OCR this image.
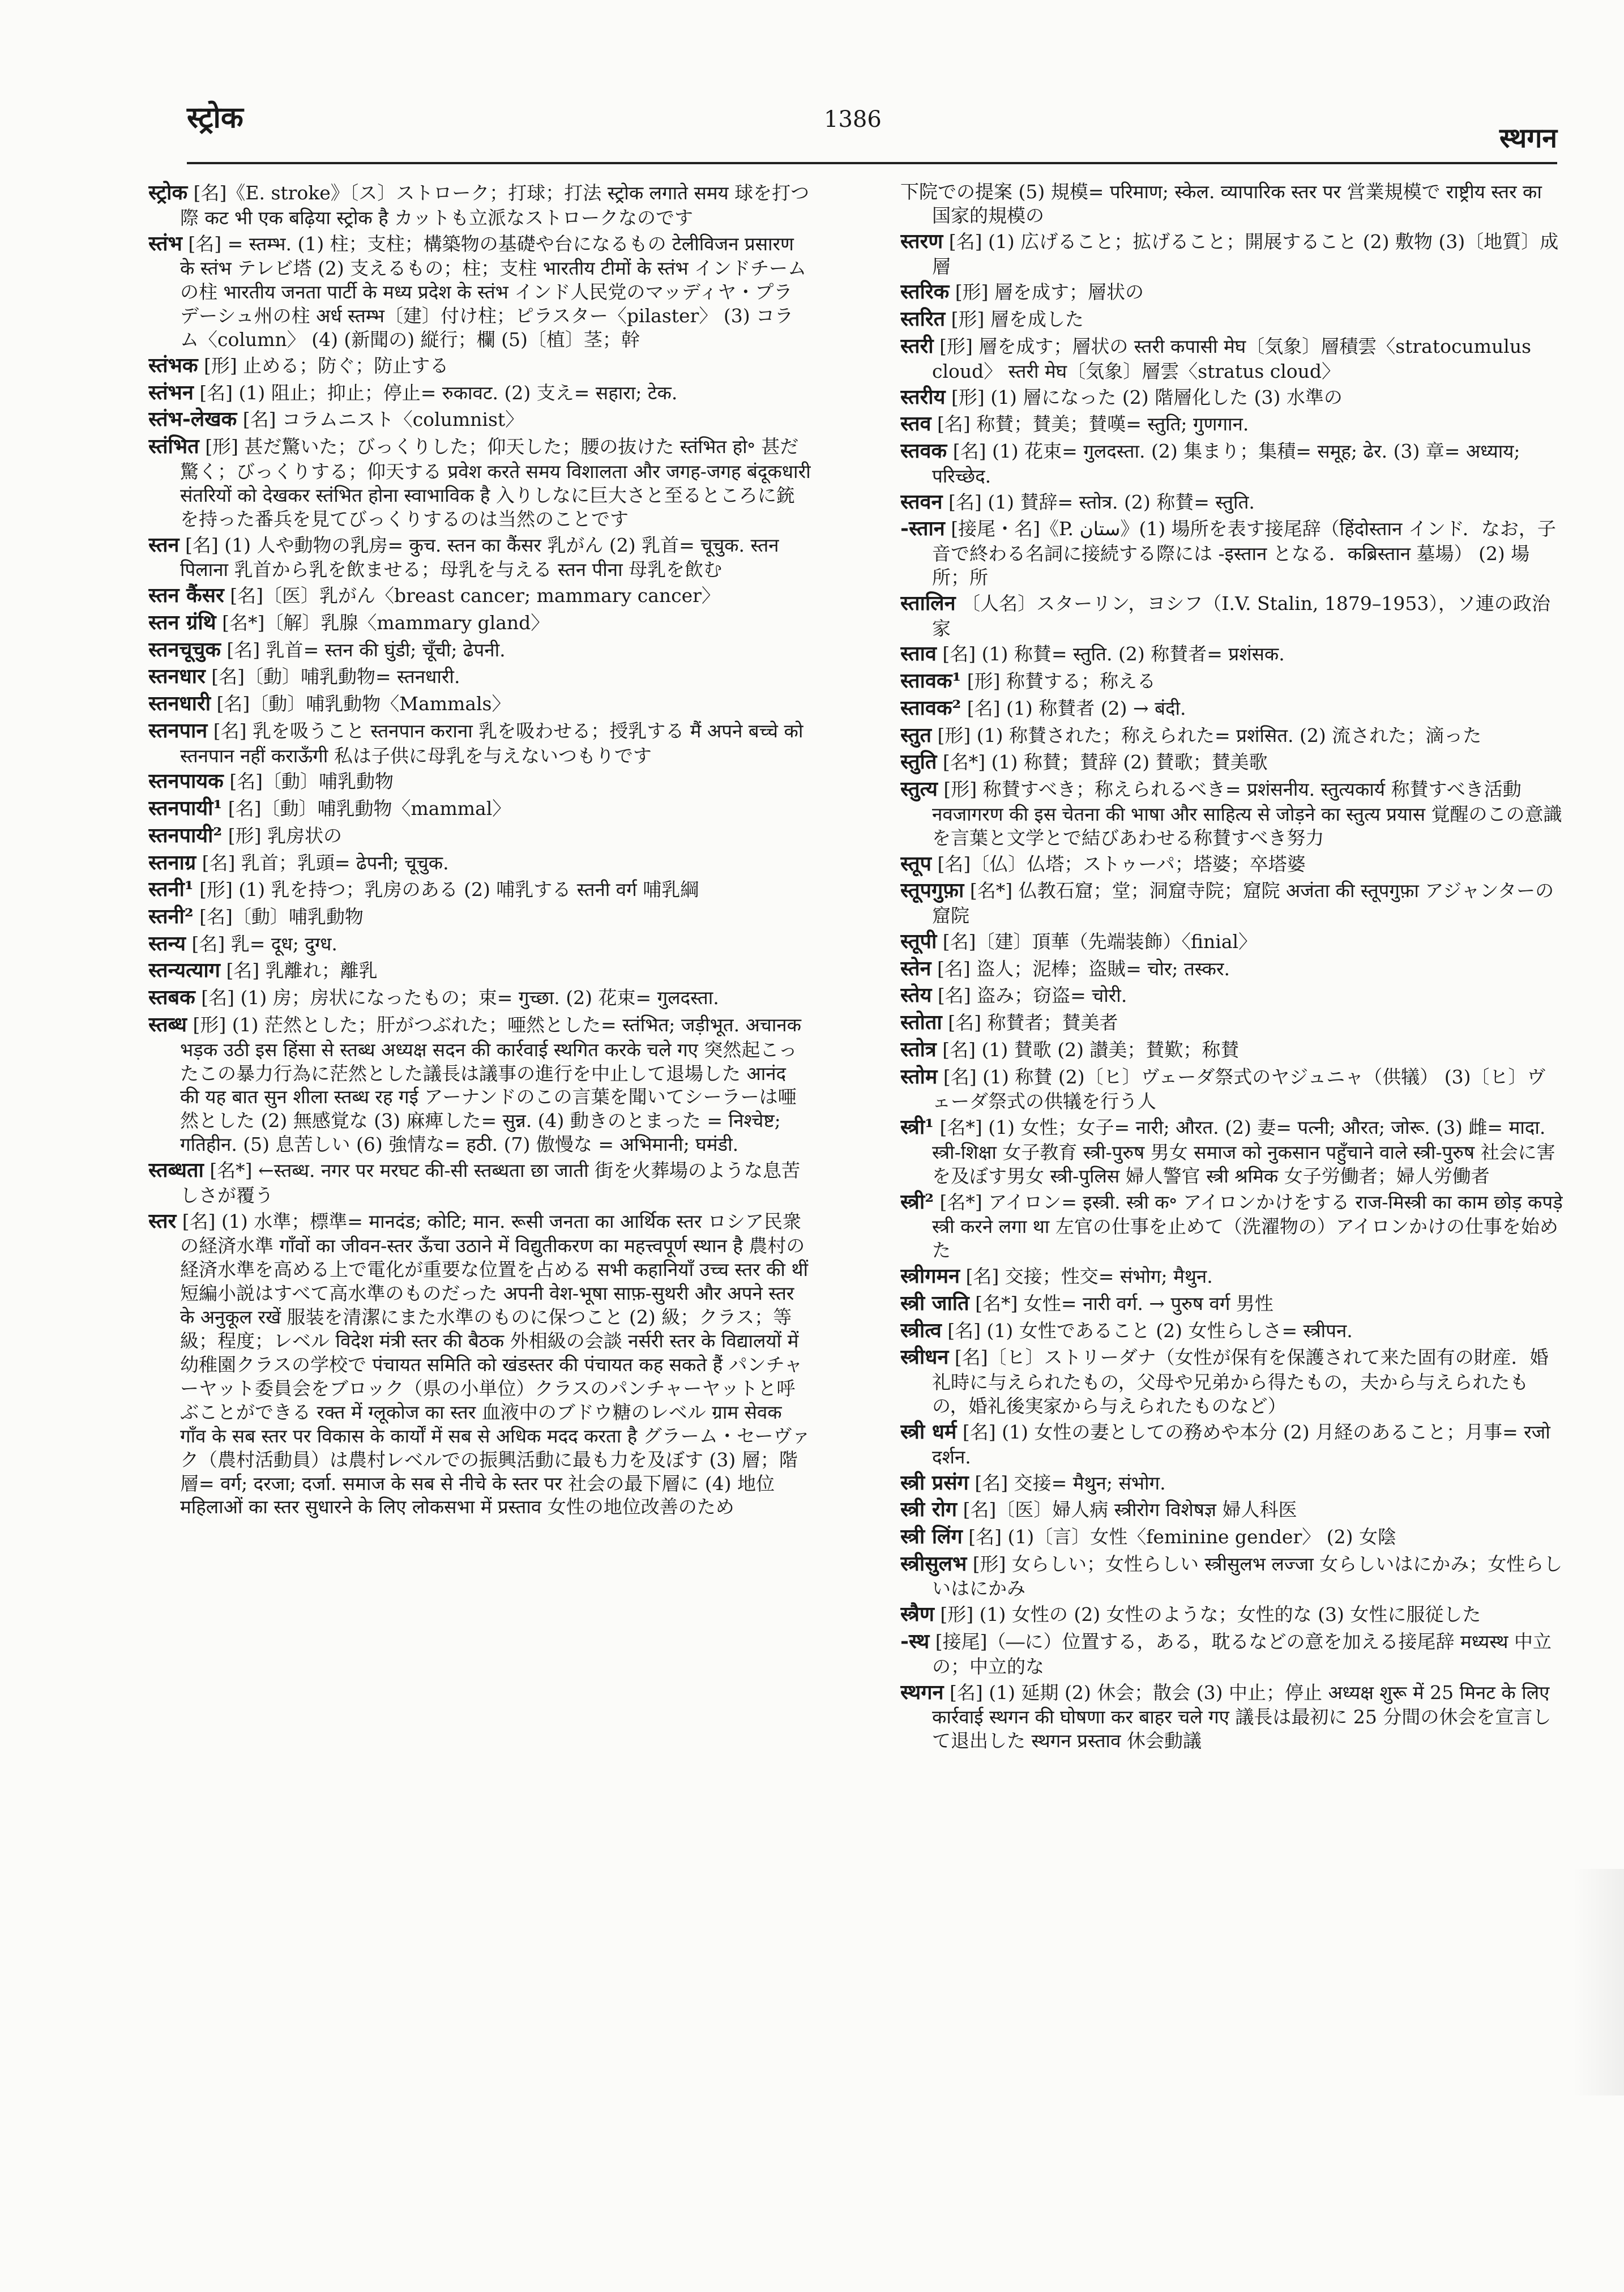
स्ट्रोक	1386
स्थगन

स्ट्रोक [名]《E. stroke》〔ス〕ストローク；打球；打法 स्ट्रोक लगाते समय 球を打つ際 कट भी एक बढ़िया स्ट्रोक है カットも立派なストロークなのです

स्तंभ [名] = स्तम्भ. (1) 柱；支柱；構築物の基礎や台になるもの टेलीविजन प्रसारण के स्तंभ テレビ塔 (2) 支えるもの；柱；支柱 भारतीय टीमों के स्तंभ インドチームの柱 भारतीय जनता पार्टी के मध्य प्रदेश के स्तंभ インド人民党のマッディヤ・プラデーシュ州の柱 अर्ध स्तम्भ〔建〕付け柱；ピラスター〈pilaster〉 (3) コラム〈column〉 (4) (新聞の) 縦行；欄 (5)〔植〕茎；幹

स्तंभक [形] 止める；防ぐ；防止する

स्तंभन [名] (1) 阻止；抑止；停止= रुकावट. (2) 支え= सहारा; टेक.

स्तंभ-लेखक [名] コラムニスト〈columnist〉

स्तंभित [形] 甚だ驚いた；びっくりした；仰天した；腰の抜けた स्तंभित हो॰ 甚だ驚く；びっくりする；仰天する प्रवेश करते समय विशालता और जगह-जगह बंदूकधारी संतरियों को देखकर स्तंभित होना स्वाभाविक है 入りしなに巨大さと至るところに銃を持った番兵を見てびっくりするのは当然のことです

स्तन [名] (1) 人や動物の乳房= कुच. स्तन का कैंसर 乳がん (2) 乳首= चूचुक. स्तन पिलाना 乳首から乳を飲ませる；母乳を与える स्तन पीना 母乳を飲む

स्तन कैंसर [名]〔医〕乳がん〈breast cancer; mammary cancer〉

स्तन ग्रंथि [名*]〔解〕乳腺〈mammary gland〉

स्तनचूचुक [名] 乳首= स्तन की घुंडी; चूँची; ढेपनी.

स्तनधार [名]〔動〕哺乳動物= स्तनधारी.

स्तनधारी [名]〔動〕哺乳動物〈Mammals〉

स्तनपान [名] 乳を吸うこと स्तनपान कराना 乳を吸わせる；授乳する मैं अपने बच्चे को स्तनपान नहीं कराऊँगी 私は子供に母乳を与えないつもりです

स्तनपायक [名]〔動〕哺乳動物

स्तनपायी¹ [名]〔動〕哺乳動物〈mammal〉

स्तनपायी² [形] 乳房状の

स्तनाग्र [名] 乳首；乳頭= ढेपनी; चूचुक.

स्तनी¹ [形] (1) 乳を持つ；乳房のある (2) 哺乳する स्तनी वर्ग 哺乳綱

स्तनी² [名]〔動〕哺乳動物

स्तन्य [名] 乳= दूध; दुग्ध.

स्तन्यत्याग [名] 乳離れ；離乳

स्तबक [名] (1) 房；房状になったもの；束= गुच्छा. (2) 花束= गुलदस्ता.

स्तब्ध [形] (1) 茫然とした；肝がつぶれた；唖然とした= स्तंभित; जड़ीभूत. अचानक भड़क उठी इस हिंसा से स्तब्ध अध्यक्ष सदन की कार्रवाई स्थगित करके चले गए 突然起こったこの暴力行為に茫然とした議長は議事の進行を中止して退場した आनंद की यह बात सुन शीला स्तब्ध रह गई アーナンドのこの言葉を聞いてシーラーは唖然とした (2) 無感覚な (3) 麻痺した= सुन्न. (4) 動きのとまった = निश्चेष्ट; गतिहीन. (5) 息苦しい (6) 強情な= हठी. (7) 傲慢な = अभिमानी; घमंडी.

स्तब्धता [名*] ←स्तब्ध. नगर पर मरघट की-सी स्तब्धता छा जाती 街を火葬場のような息苦しさが覆う

स्तर [名] (1) 水準；標準= मानदंड; कोटि; मान. रूसी जनता का आर्थिक स्तर ロシア民衆の経済水準 गाँवों का जीवन-स्तर ऊँचा उठाने में विद्युतीकरण का महत्त्वपूर्ण स्थान है 農村の経済水準を高める上で電化が重要な位置を占める सभी कहानियाँ उच्च स्तर की थीं 短編小説はすべて高水準のものだった अपनी वेश-भूषा साफ़-सुथरी और अपने स्तर के अनुकूल रखें 服装を清潔にまた水準のものに保つこと (2) 級；クラス；等級；程度；レベル विदेश मंत्री स्तर की बैठक 外相級の会談 नर्सरी स्तर के विद्यालयों में 幼稚園クラスの学校で पंचायत समिति को खंडस्तर की पंचायत कह सकते हैं パンチャーヤット委員会をブロック（県の小単位）クラスのパンチャーヤットと呼ぶことができる रक्त में ग्लूकोज का स्तर 血液中のブドウ糖のレベル ग्राम सेवक गाँव के सब स्तर पर विकास के कार्यों में सब से अधिक मदद करता है グラーム・セーヴァク（農村活動員）は農村レベルでの振興活動に最も力を及ぼす (3) 層；階層= वर्ग; दरजा; दर्जा. समाज के सब से नीचे के स्तर पर 社会の最下層に (4) 地位 महिलाओं का स्तर सुधारने के लिए लोकसभा में प्रस्ताव 女性の地位改善のため

下院での提案 (5) 規模= परिमाण; स्केल. व्यापारिक स्तर पर 営業規模で राष्ट्रीय स्तर का 国家的規模の

स्तरण [名] (1) 広げること；拡げること；開展すること (2) 敷物 (3)〔地質〕成層

स्तरिक [形] 層を成す；層状の

स्तरित [形] 層を成した

स्तरी [形] 層を成す；層状の स्तरी कपासी मेघ〔気象〕層積雲〈stratocumulus cloud〉 स्तरी मेघ〔気象〕層雲〈stratus cloud〉

स्तरीय [形] (1) 層になった (2) 階層化した (3) 水準の

स्तव [名] 称賛；賛美；賛嘆= स्तुति; गुणगान.

स्तवक [名] (1) 花束= गुलदस्ता. (2) 集まり；集積= समूह; ढेर. (3) 章= अध्याय; परिच्छेद.

स्तवन [名] (1) 賛辞= स्तोत्र. (2) 称賛= स्तुति.

-स्तान [接尾・名]《P. ستان》(1) 場所を表す接尾辞（हिंदोस्तान インド．なお，子音で終わる名詞に接続する際には -इस्तान となる．कब्रिस्तान 墓場） (2) 場所；所

स्तालिन 〔人名〕スターリン，ヨシフ（I.V. Stalin, 1879–1953），ソ連の政治家

स्ताव [名] (1) 称賛= स्तुति. (2) 称賛者= प्रशंसक.

स्तावक¹ [形] 称賛する；称える

स्तावक² [名] (1) 称賛者 (2) → बंदी.

स्तुत [形] (1) 称賛された；称えられた= प्रशंसित. (2) 流された；滴った

स्तुति [名*] (1) 称賛；賛辞 (2) 賛歌；賛美歌

स्तुत्य [形] 称賛すべき；称えられるべき= प्रशंसनीय. स्तुत्यकार्य 称賛すべき活動 नवजागरण की इस चेतना की भाषा और साहित्य से जोड़ने का स्तुत्य प्रयास 覚醒のこの意識を言葉と文学とで結びあわせる称賛すべき努力

स्तूप [名]〔仏〕仏塔；ストゥーパ；塔婆；卒塔婆

स्तूपगुफ़ा [名*] 仏教石窟；堂；洞窟寺院；窟院 अजंता की स्तूपगुफ़ा アジャンターの窟院

स्तूपी [名]〔建〕頂華（先端装飾）〈finial〉

स्तेन [名] 盗人；泥棒；盗賊= चोर; तस्कर.

स्तेय [名] 盗み；窃盗= चोरी.

स्तोता [名] 称賛者；賛美者

स्तोत्र [名] (1) 賛歌 (2) 讃美；賛歎；称賛

स्तोम [名] (1) 称賛 (2)〔ヒ〕ヴェーダ祭式のヤジュニャ（供犠） (3)〔ヒ〕ヴェーダ祭式の供犠を行う人

स्त्री¹ [名*] (1) 女性；女子= नारी; औरत. (2) 妻= पत्नी; औरत; जोरू. (3) 雌= मादा. स्त्री-शिक्षा 女子教育 स्त्री-पुरुष 男女 समाज को नुकसान पहुँचाने वाले स्त्री-पुरुष 社会に害を及ぼす男女 स्त्री-पुलिस 婦人警官 स्त्री श्रमिक 女子労働者；婦人労働者

स्त्री² [名*] アイロン= इस्त्री. स्त्री क॰ アイロンかけをする राज-मिस्त्री का काम छोड़ कपड़े स्त्री करने लगा था 左官の仕事を止めて（洗濯物の）アイロンかけの仕事を始めた

स्त्रीगमन [名] 交接；性交= संभोग; मैथुन.

स्त्री जाति [名*] 女性= नारी वर्ग. → पुरुष वर्ग 男性

स्त्रीत्व [名] (1) 女性であること (2) 女性らしさ= स्त्रीपन.

स्त्रीधन [名]〔ヒ〕ストリーダナ（女性が保有を保護されて来た固有の財産．婚礼時に与えられたもの，父母や兄弟から得たもの，夫から与えられたもの，婚礼後実家から与えられたものなど）

स्त्री धर्म [名] (1) 女性の妻としての務めや本分 (2) 月経のあること；月事= रजो दर्शन.

स्त्री प्रसंग [名] 交接= मैथुन; संभोग.

स्त्री रोग [名]〔医〕婦人病 स्त्रीरोग विशेषज्ञ 婦人科医

स्त्री लिंग [名] (1)〔言〕女性〈feminine gender〉 (2) 女陰

स्त्रीसुलभ [形] 女らしい；女性らしい स्त्रीसुलभ लज्जा 女らしいはにかみ；女性らしいはにかみ

स्त्रैण [形] (1) 女性の (2) 女性のような；女性的な (3) 女性に服従した

-स्थ [接尾]（―に）位置する，ある，耽るなどの意を加える接尾辞 मध्यस्थ 中立の；中立的な

स्थगन [名] (1) 延期 (2) 休会；散会 (3) 中止；停止 अध्यक्ष शुरू में 25 मिनट के लिए कार्रवाई स्थगन की घोषणा कर बाहर चले गए 議長は最初に 25 分間の休会を宣言して退出した स्थगन प्रस्ताव 休会動議
